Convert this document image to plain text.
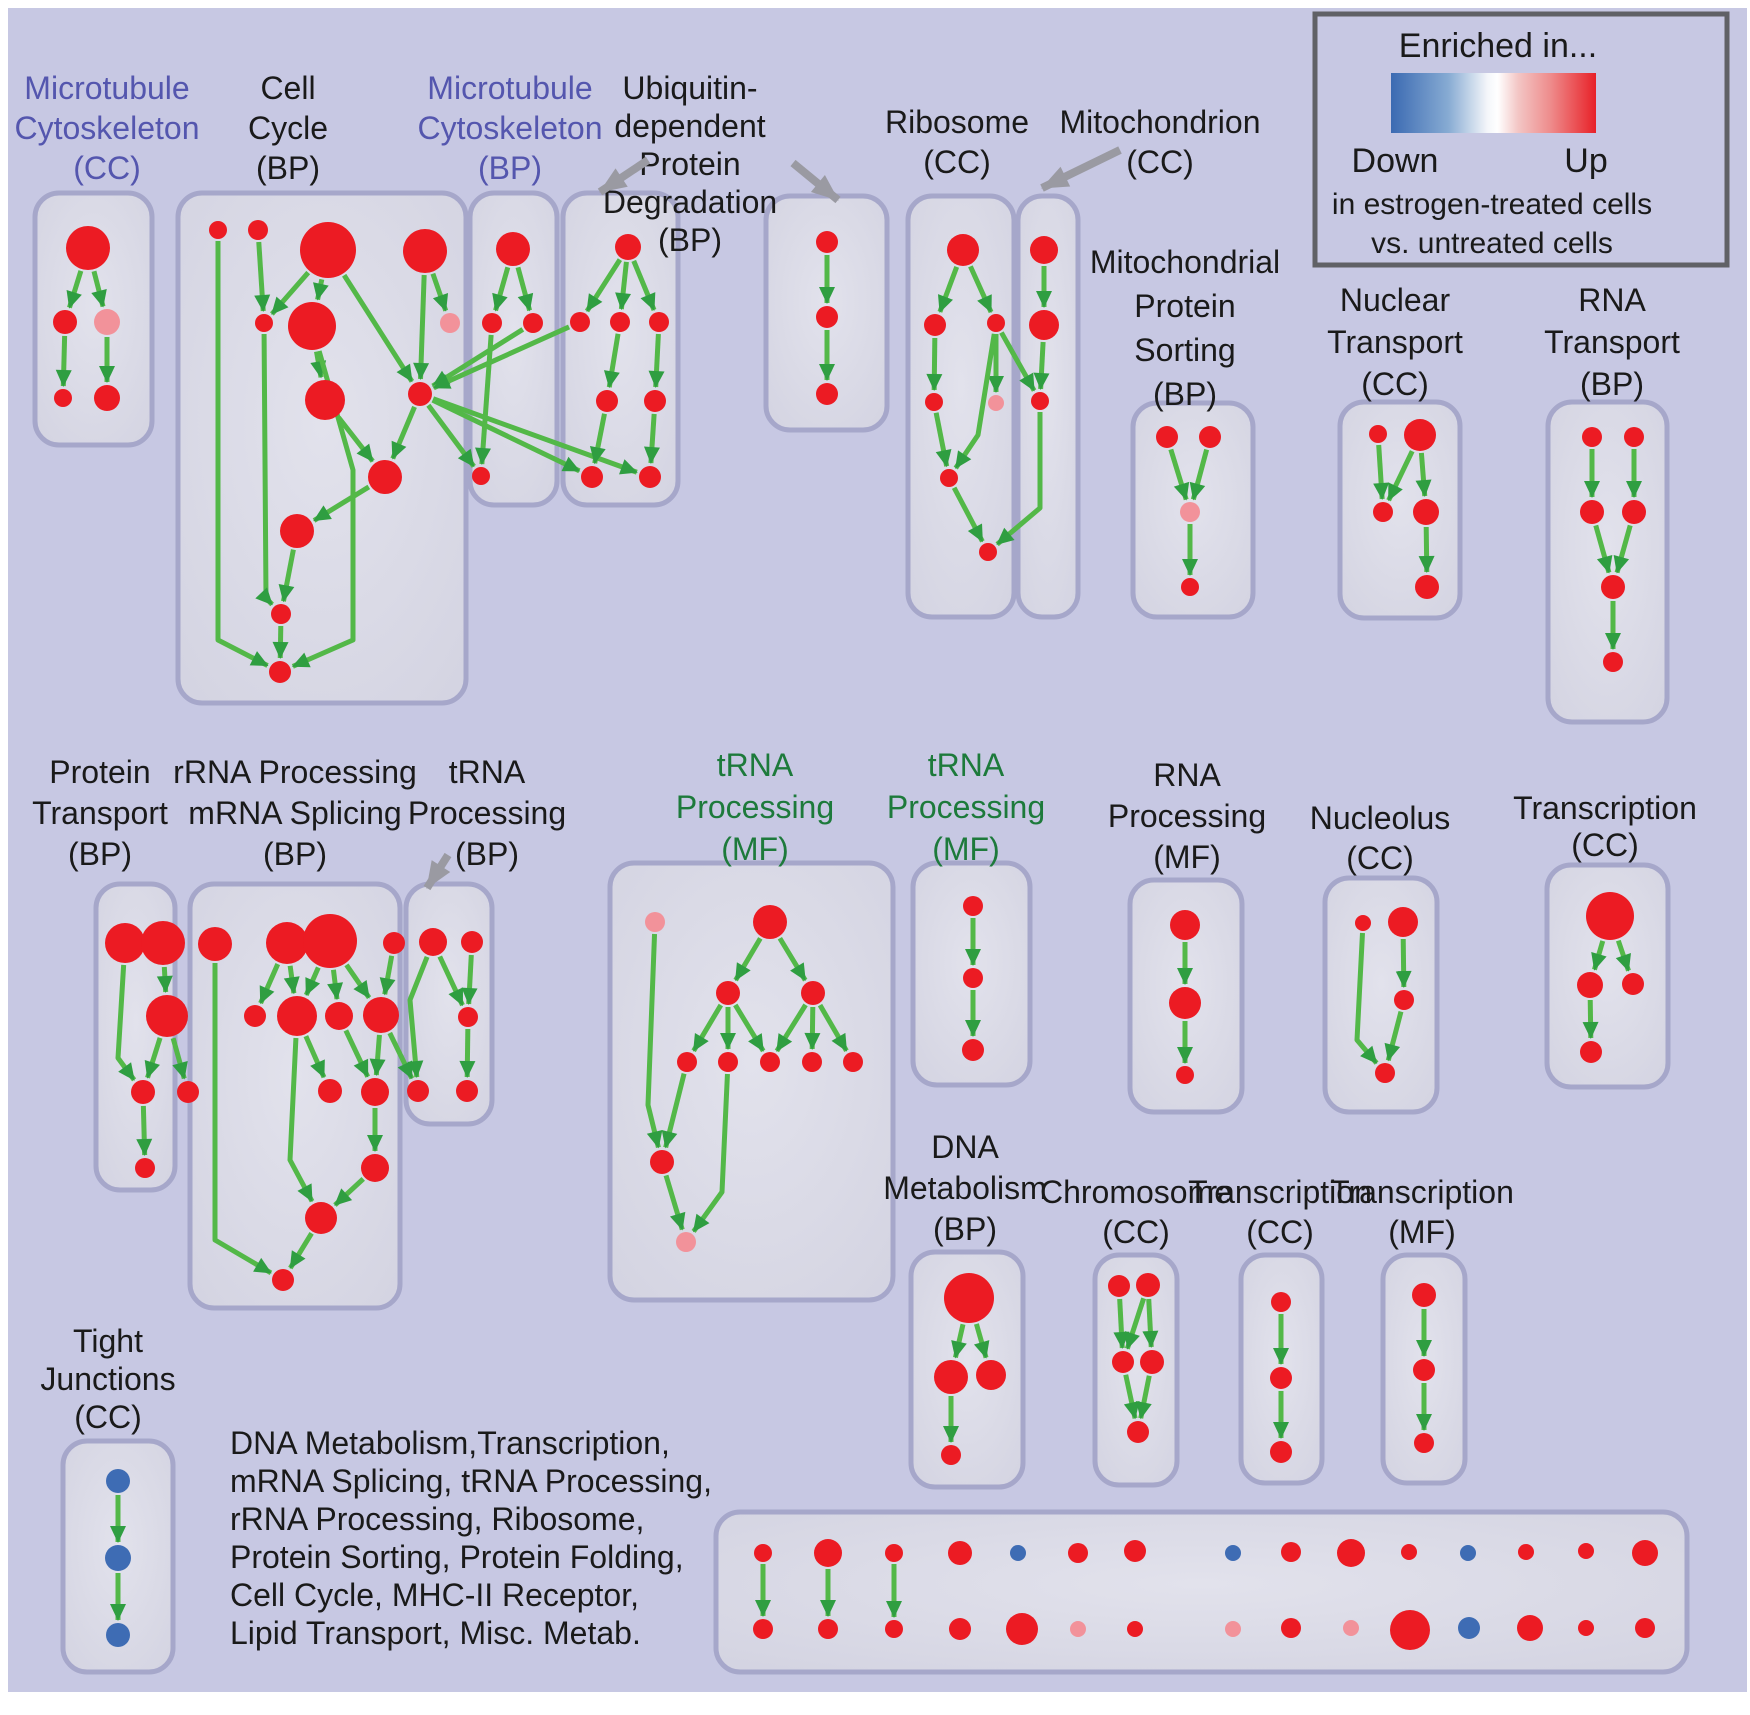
Enriched in...
Down	Up
in estrogen-treated cells
vs. untreated cells
Microtubule
Cytoskeleton
(CC)
Cell
Cycle
(BP)
Microtubule
Cytoskeleton
(BP)
Ubiquitin-
dependent
Protein
Degradation
(BP)
Ribosome
(CC)
Mitochondrion
(CC)
Mitochondrial
Protein
Sorting
(BP)
Nuclear
Transport
(CC)
RNA
Transport
(BP)
Protein
Transport
(BP)
rRNA Processing
mRNA Splicing
(BP)
tRNA
Processing
(BP)
tRNA
Processing
(MF)
tRNA
Processing
(MF)
RNA
Processing
(MF)
Nucleolus
(CC)
Transcription
(CC)
DNA
Metabolism
(BP)
Chromosome
(CC)
Transcription
(CC)
Transcription
(MF)
Tight
Junctions
(CC)
DNA Metabolism,Transcription,
mRNA Splicing, tRNA Processing,
rRNA Processing, Ribosome,
Protein Sorting, Protein Folding,
Cell Cycle, MHC-II Receptor,
Lipid Transport, Misc. Metab.
